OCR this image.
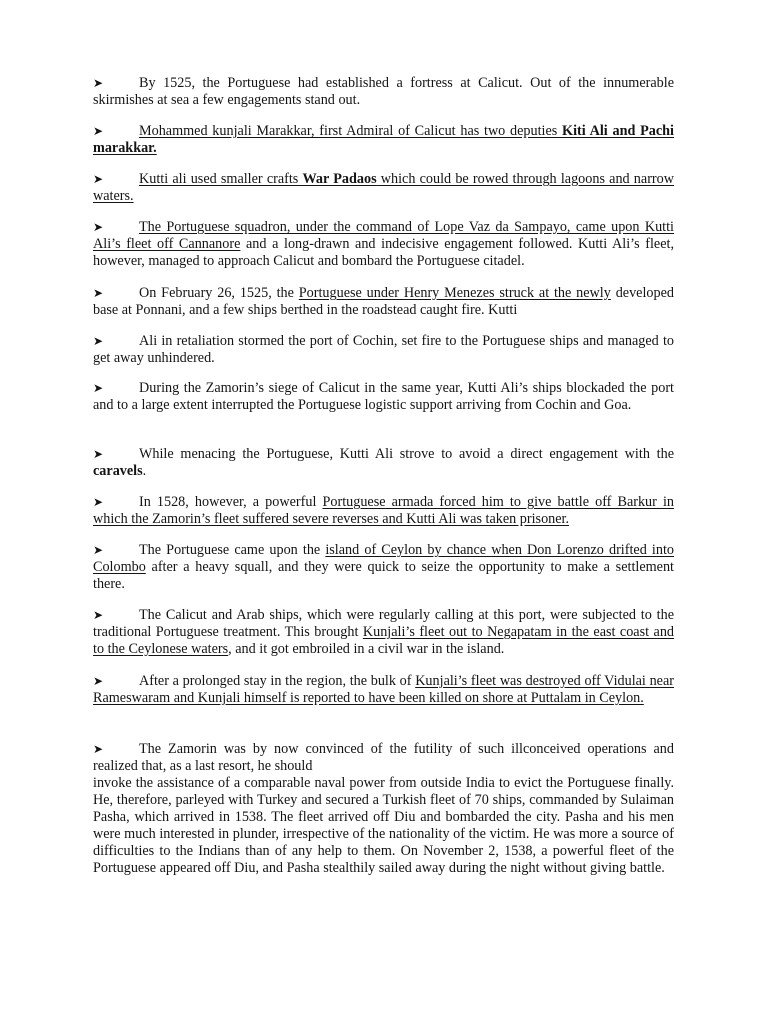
➤	By 1525, the Portuguese had established a fortress at Calicut. Out of the innumerable skirmishes at sea a few engagements stand out.

➤	Mohammed kunjali Marakkar, first Admiral of Calicut has two deputies Kiti Ali and Pachi marakkar.

➤	Kutti ali used smaller crafts War Padaos which could be rowed through lagoons and narrow waters.

➤	The Portuguese squadron, under the command of Lope Vaz da Sampayo, came upon Kutti Ali’s fleet off Cannanore and a long-drawn and indecisive engagement followed. Kutti Ali’s fleet, however, managed to approach Calicut and bombard the Portuguese citadel.

➤	On February 26, 1525, the Portuguese under Henry Menezes struck at the newly developed base at Ponnani, and a few ships berthed in the roadstead caught fire. Kutti

➤	Ali in retaliation stormed the port of Cochin, set fire to the Portuguese ships and managed to get away unhindered.

➤	During the Zamorin’s siege of Calicut in the same year, Kutti Ali’s ships blockaded the port and to a large extent interrupted the Portuguese logistic support arriving from Cochin and Goa.

➤	While menacing the Portuguese, Kutti Ali strove to avoid a direct engagement with the caravels.

➤	In 1528, however, a powerful Portuguese armada forced him to give battle off Barkur in which the Zamorin’s fleet suffered severe reverses and Kutti Ali was taken prisoner.

➤	The Portuguese came upon the island of Ceylon by chance when Don Lorenzo drifted into Colombo after a heavy squall, and they were quick to seize the opportunity to make a settlement there.

➤	The Calicut and Arab ships, which were regularly calling at this port, were subjected to the traditional Portuguese treatment. This brought Kunjali’s fleet out to Negapatam in the east coast and to the Ceylonese waters, and it got embroiled in a civil war in the island.

➤	After a prolonged stay in the region, the bulk of Kunjali’s fleet was destroyed off Vidulai near Rameswaram and Kunjali himself is reported to have been killed on shore at Puttalam in Ceylon.

➤	The Zamorin was by now convinced of the futility of such illconceived operations and realized that, as a last resort, he should
invoke the assistance of a comparable naval power from outside India to evict the Portuguese finally. He, therefore, parleyed with Turkey and secured a Turkish fleet of 70 ships, commanded by Sulaiman Pasha, which arrived in 1538. The fleet arrived off Diu and bombarded the city. Pasha and his men were much interested in plunder, irrespective of the nationality of the victim. He was more a source of difficulties to the Indians than of any help to them. On November 2, 1538, a powerful fleet of the Portuguese appeared off Diu, and Pasha stealthily sailed away during the night without giving battle.
